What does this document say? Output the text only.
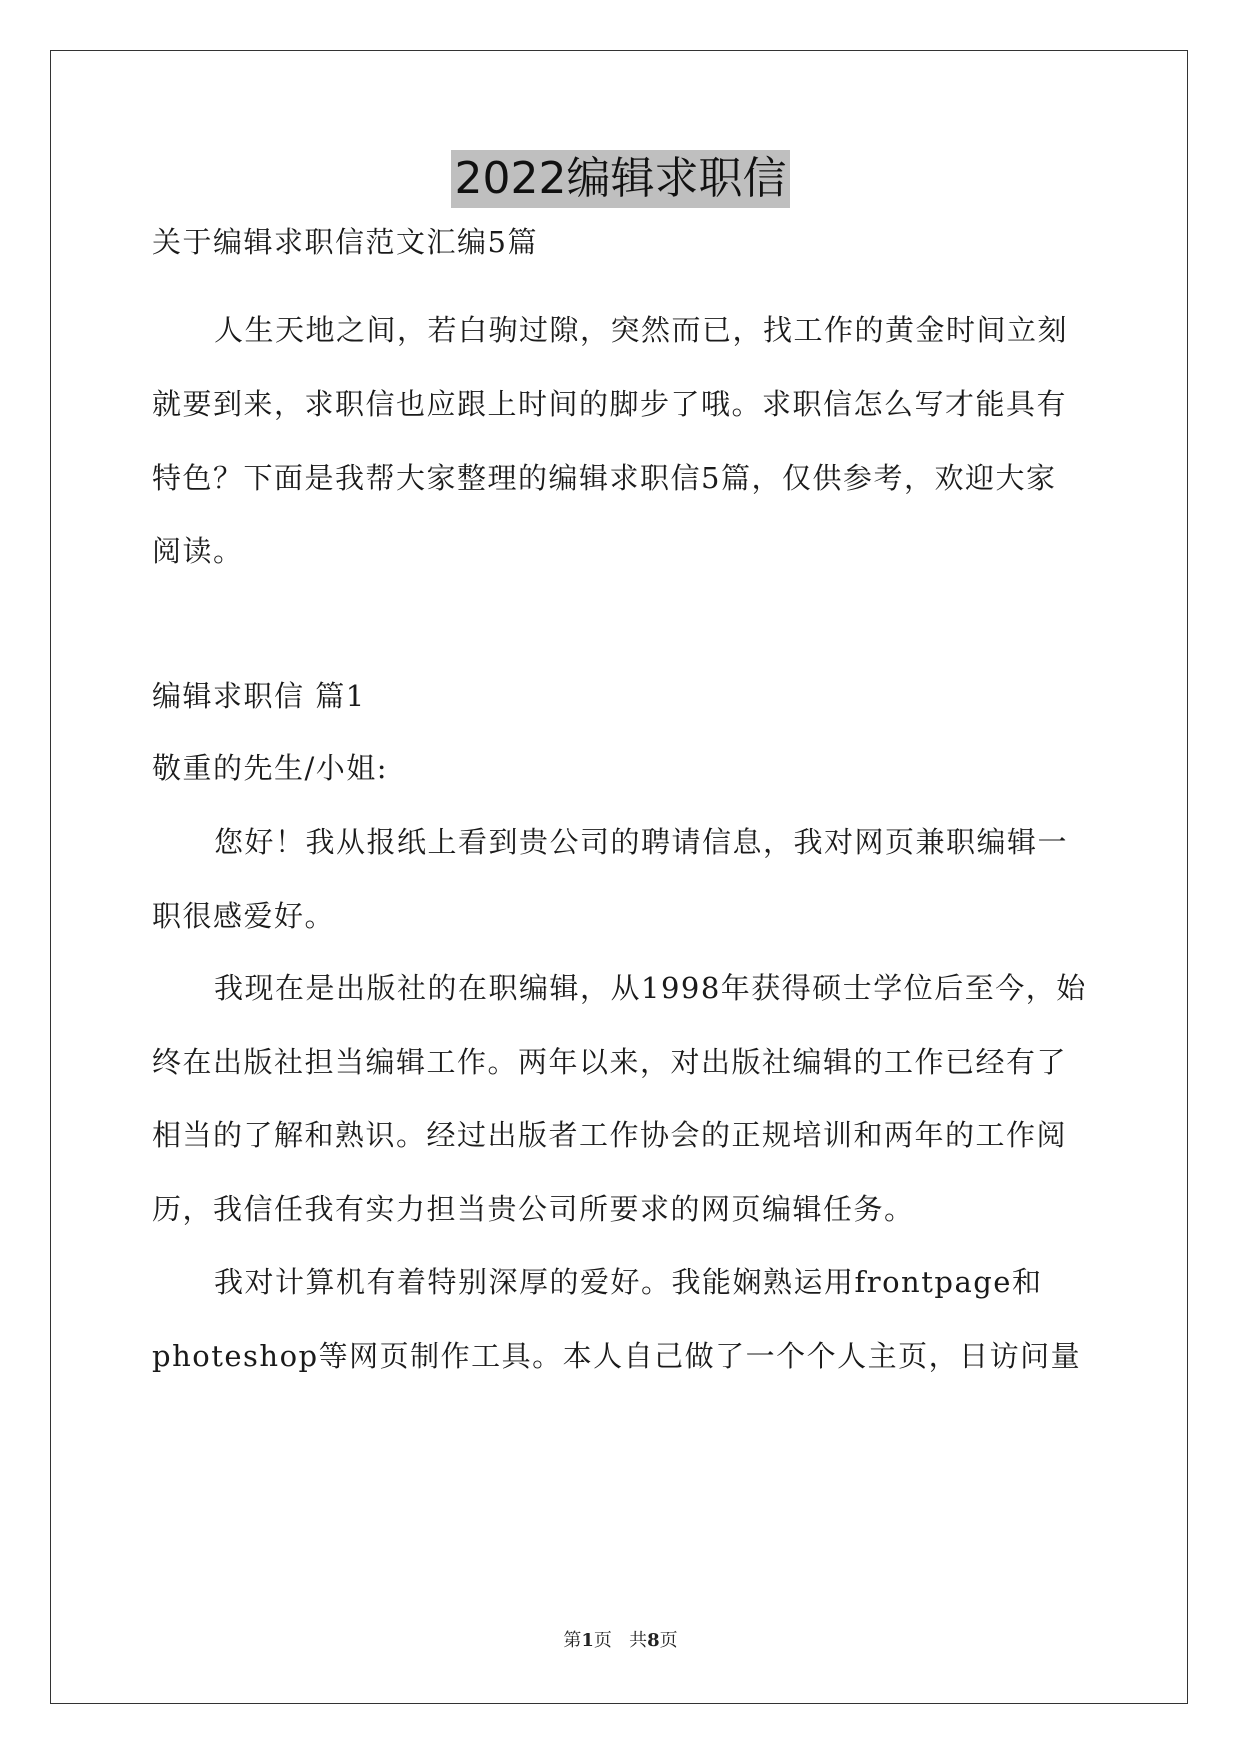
2022编辑求职信
关于编辑求职信范文汇编5篇
人生天地之间，若白驹过隙，突然而已，找工作的黄金时间立刻
就要到来，求职信也应跟上时间的脚步了哦。求职信怎么写才能具有
特色？下面是我帮大家整理的编辑求职信5篇，仅供参考，欢迎大家
阅读。
编辑求职信 篇1
敬重的先生/小姐:
您好！我从报纸上看到贵公司的聘请信息，我对网页兼职编辑一
职很感爱好。
我现在是出版社的在职编辑，从1998年获得硕士学位后至今，始
终在出版社担当编辑工作。两年以来，对出版社编辑的工作已经有了
相当的了解和熟识。经过出版者工作协会的正规培训和两年的工作阅
历，我信任我有实力担当贵公司所要求的网页编辑任务。
我对计算机有着特别深厚的爱好。我能娴熟运用frontpage和
photeshop等网页制作工具。本人自己做了一个个人主页，日访问量
第1页   共8页
